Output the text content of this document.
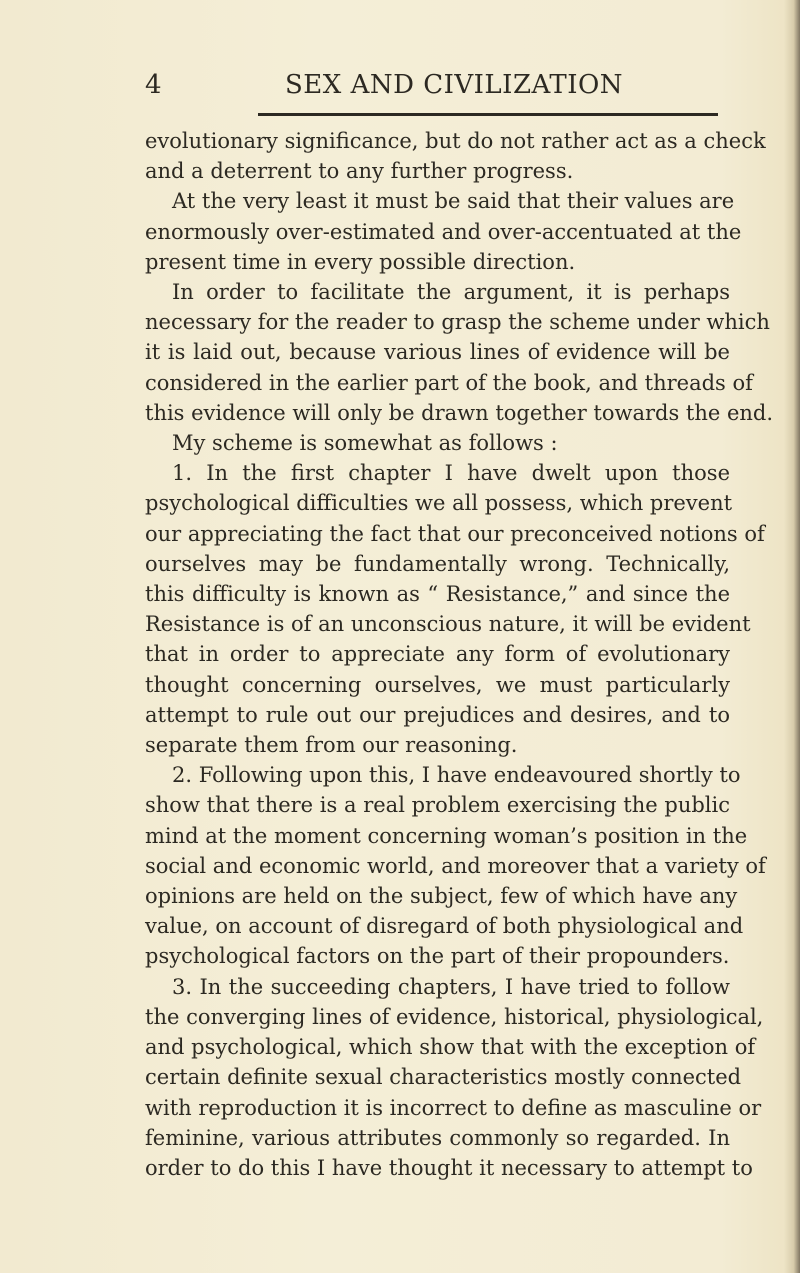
4	SEX AND CIVILIZATION
evolutionary significance, but do not rather act as a check
and a deterrent to any further progress.
At the very least it must be said that their values are
enormously over-estimated and over-accentuated at the
present time in every possible direction.
In order to facilitate the argument, it is perhaps
necessary for the reader to grasp the scheme under which
it is laid out, because various lines of evidence will be
considered in the earlier part of the book, and threads of
this evidence will only be drawn together towards the end.
My scheme is somewhat as follows :
1. In the first chapter I have dwelt upon those
psychological difficulties we all possess, which prevent
our appreciating the fact that our preconceived notions of
ourselves may be fundamentally wrong. Technically,
this difficulty is known as “ Resistance,” and since the
Resistance is of an unconscious nature, it will be evident
that in order to appreciate any form of evolutionary
thought concerning ourselves, we must particularly
attempt to rule out our prejudices and desires, and to
separate them from our reasoning.
2. Following upon this, I have endeavoured shortly to
show that there is a real problem exercising the public
mind at the moment concerning woman’s position in the
social and economic world, and moreover that a variety of
opinions are held on the subject, few of which have any
value, on account of disregard of both physiological and
psychological factors on the part of their propounders.
3. In the succeeding chapters, I have tried to follow
the converging lines of evidence, historical, physiological,
and psychological, which show that with the exception of
certain definite sexual characteristics mostly connected
with reproduction it is incorrect to define as masculine or
feminine, various attributes commonly so regarded. In
order to do this I have thought it necessary to attempt to
